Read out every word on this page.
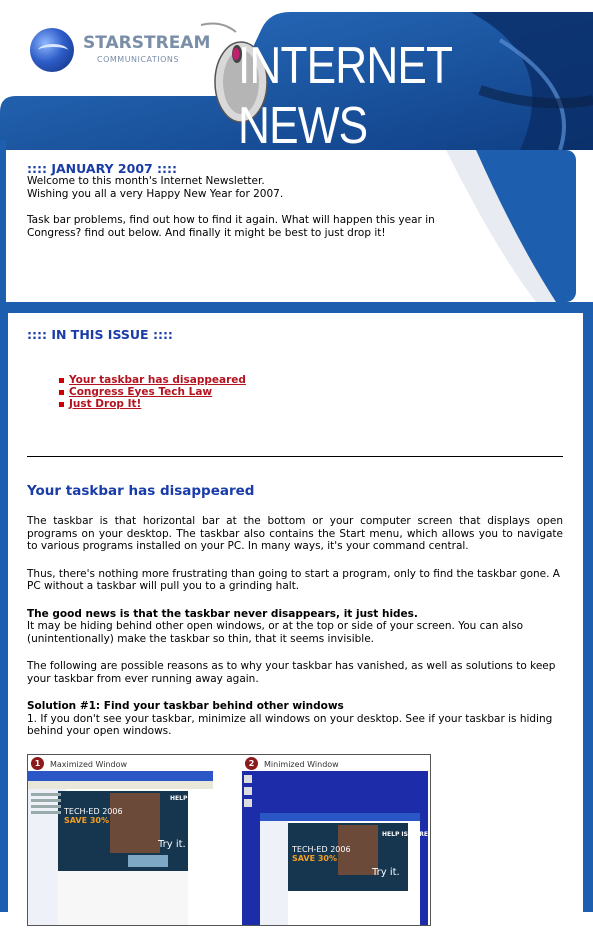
STARSTREAM
COMMUNICATIONS INTERNET NEWS
:::: JANUARY 2007 ::::
Welcome to this month's Internet Newsletter.
Wishing you all a very Happy New Year for 2007.
Task bar problems, find out how to find it again. What will happen this year in Congress? find out below. And finally it might be best to just drop it!
:::: IN THIS ISSUE ::::
Your taskbar has disappeared
Congress Eyes Tech Law
Just Drop It!
Your taskbar has disappeared

The taskbar is that horizontal bar at the bottom or your computer screen that displays open programs on your desktop. The taskbar also contains the Start menu, which allows you to navigate to various programs installed on your PC. In many ways, it's your command central.

Thus, there's nothing more frustrating than going to start a program, only to find the taskbar gone. A PC without a taskbar will pull you to a grinding halt.

The good news is that the taskbar never disappears, it just hides.
It may be hiding behind other open windows, or at the top or side of your screen. You can also (unintentionally) make the taskbar so thin, that it seems invisible.

The following are possible reasons as to why your taskbar has vanished, as well as solutions to keep your taskbar from ever running away again.

Solution #1: Find your taskbar behind other windows
1. If you don't see your taskbar, minimize all windows on your desktop. See if your taskbar is hiding behind your open windows.
1	Maximized Window
TECH-ED 2006
SAVE 30%
HELP IS HERE
Try it.
2	Minimized Window
TECH-ED 2006
SAVE 30%
HELP IS HERE
Try it.
